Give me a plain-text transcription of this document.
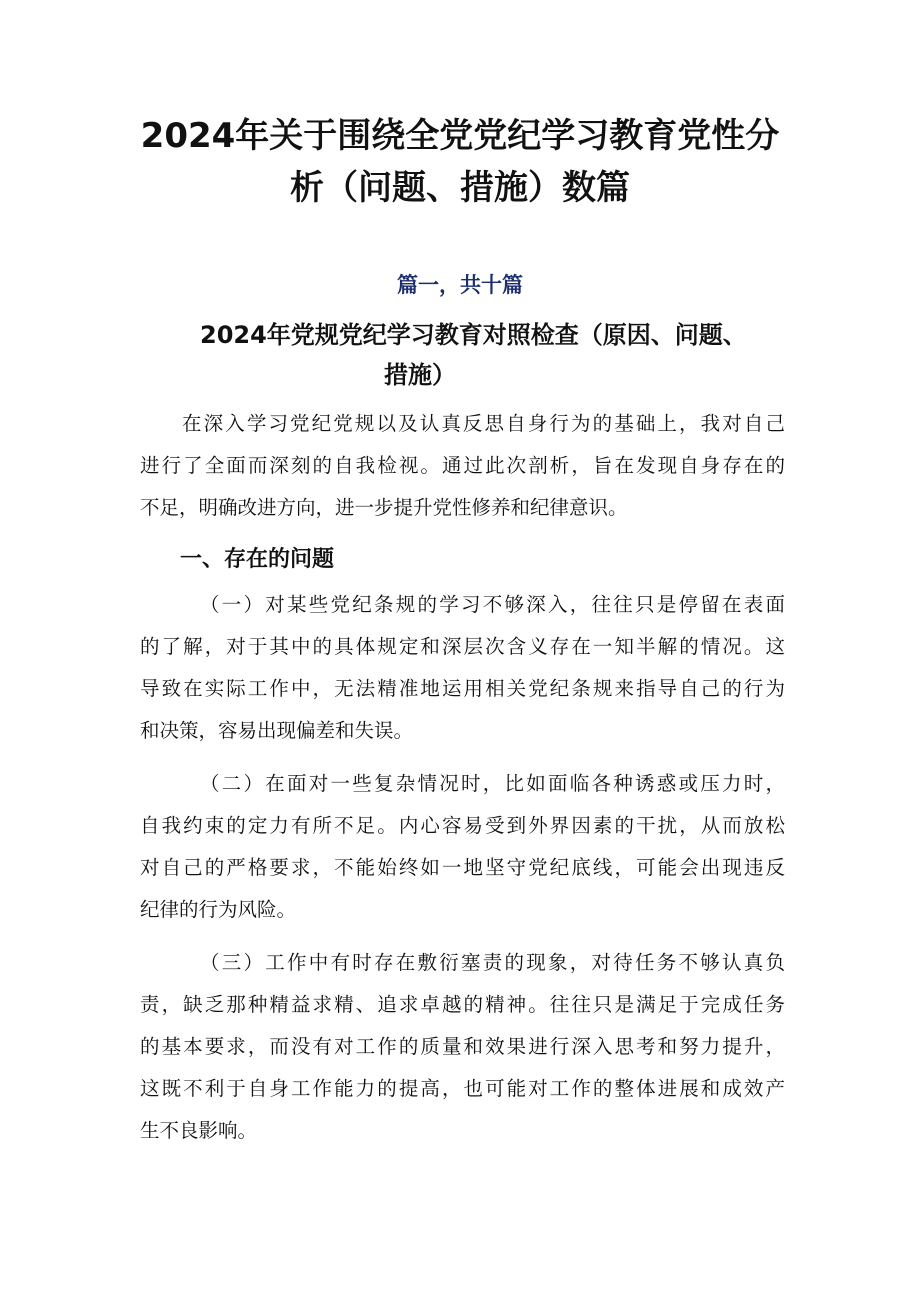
2024年关于围绕全党党纪学习教育党性分
析（问题、措施）数篇
篇一，共十篇
2024年党规党纪学习教育对照检查（原因、问题、
措施）

在深入学习党纪党规以及认真反思自身行为的基础上，我对自己
进行了全面而深刻的自我检视。通过此次剖析，旨在发现自身存在的
不足，明确改进方向，进一步提升党性修养和纪律意识。

一、存在的问题

（一）对某些党纪条规的学习不够深入，往往只是停留在表面
的了解，对于其中的具体规定和深层次含义存在一知半解的情况。这
导致在实际工作中，无法精准地运用相关党纪条规来指导自己的行为
和决策，容易出现偏差和失误。

（二）在面对一些复杂情况时，比如面临各种诱惑或压力时，
自我约束的定力有所不足。内心容易受到外界因素的干扰，从而放松
对自己的严格要求，不能始终如一地坚守党纪底线，可能会出现违反
纪律的行为风险。

（三）工作中有时存在敷衍塞责的现象，对待任务不够认真负
责，缺乏那种精益求精、追求卓越的精神。往往只是满足于完成任务
的基本要求，而没有对工作的质量和效果进行深入思考和努力提升，
这既不利于自身工作能力的提高，也可能对工作的整体进展和成效产
生不良影响。
